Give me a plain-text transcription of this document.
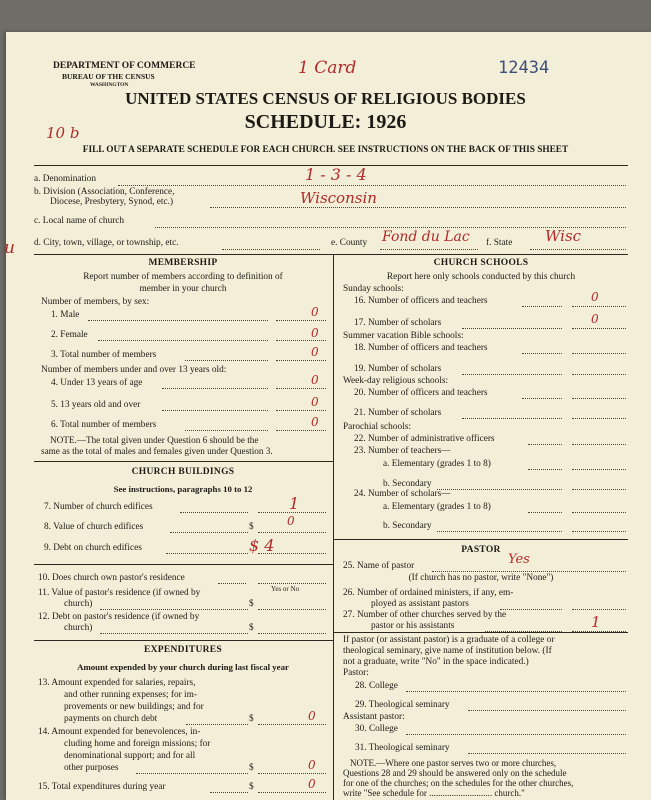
DEPARTMENT OF COMMERCE
BUREAU OF THE CENSUS
WASHINGTON
1 Card	12434
UNITED STATES CENSUS OF RELIGIOUS BODIES
SCHEDULE: 1926
10 b
FILL OUT A SEPARATE SCHEDULE FOR EACH CHURCH. SEE INSTRUCTIONS ON THE BACK OF THIS SHEET
u
a. Denomination	1 - 3 - 4
b. Division (Association, Conference,
Diocese, Presbytery, Synod, etc.)	Wisconsin
c. Local name of church
d. City, town, village, or township, etc.	e. County Fond du Lac f. State Wisc
MEMBERSHIP
Report number of members according to definition of
member in your church
Number of members, by sex:
1. Male	0
2. Female	0
3. Total number of members	0
Number of members under and over 13 years old:
4. Under 13 years of age	0
5. 13 years old and over	0
6. Total number of members	0
NOTE.—The total given under Question 6 should be the
same as the total of males and females given under Question 3.
CHURCH BUILDINGS
See instructions, paragraphs 10 to 12
7. Number of church edifices	1
8. Value of church edifices	$	0
9. Debt on church edifices	$ 4
10. Does church own pastor's residence
Yes or No
11. Value of pastor's residence (if owned by
church)	$
12. Debt on pastor's residence (if owned by
church)	$
EXPENDITURES
Amount expended by your church during last fiscal year
13. Amount expended for salaries, repairs,
and other running expenses; for im-
provements or new buildings; and for
payments on church debt	$	0
14. Amount expended for benevolences, in-
cluding home and foreign missions; for
denominational support; and for all
other purposes	$	0
15. Total expenditures during year	$	0
CHURCH SCHOOLS
Report here only schools conducted by this church
Sunday schools:
16. Number of officers and teachers	0
17. Number of scholars	0
Summer vacation Bible schools:
18. Number of officers and teachers
19. Number of scholars
Week-day religious schools:
20. Number of officers and teachers
21. Number of scholars
Parochial schools:
22. Number of administrative officers
23. Number of teachers—
a. Elementary (grades 1 to 8)
b. Secondary
24. Number of scholars—
a. Elementary (grades 1 to 8)
b. Secondary
PASTOR
25. Name of pastor	Yes
(If church has no pastor, write "None")
26. Number of ordained ministers, if any, em-
ployed as assistant pastors
27. Number of other churches served by the
pastor or his assistants	1
If pastor (or assistant pastor) is a graduate of a college or
theological seminary, give name of institution below. (If
not a graduate, write "No" in the space indicated.)
Pastor:
28. College
29. Theological seminary
Assistant pastor:
30. College
31. Theological seminary
NOTE.—Where one pastor serves two or more churches,
Questions 28 and 29 should be answered only on the schedule
for one of the churches; on the schedules for the other churches,
write "See schedule for ............................ church."
